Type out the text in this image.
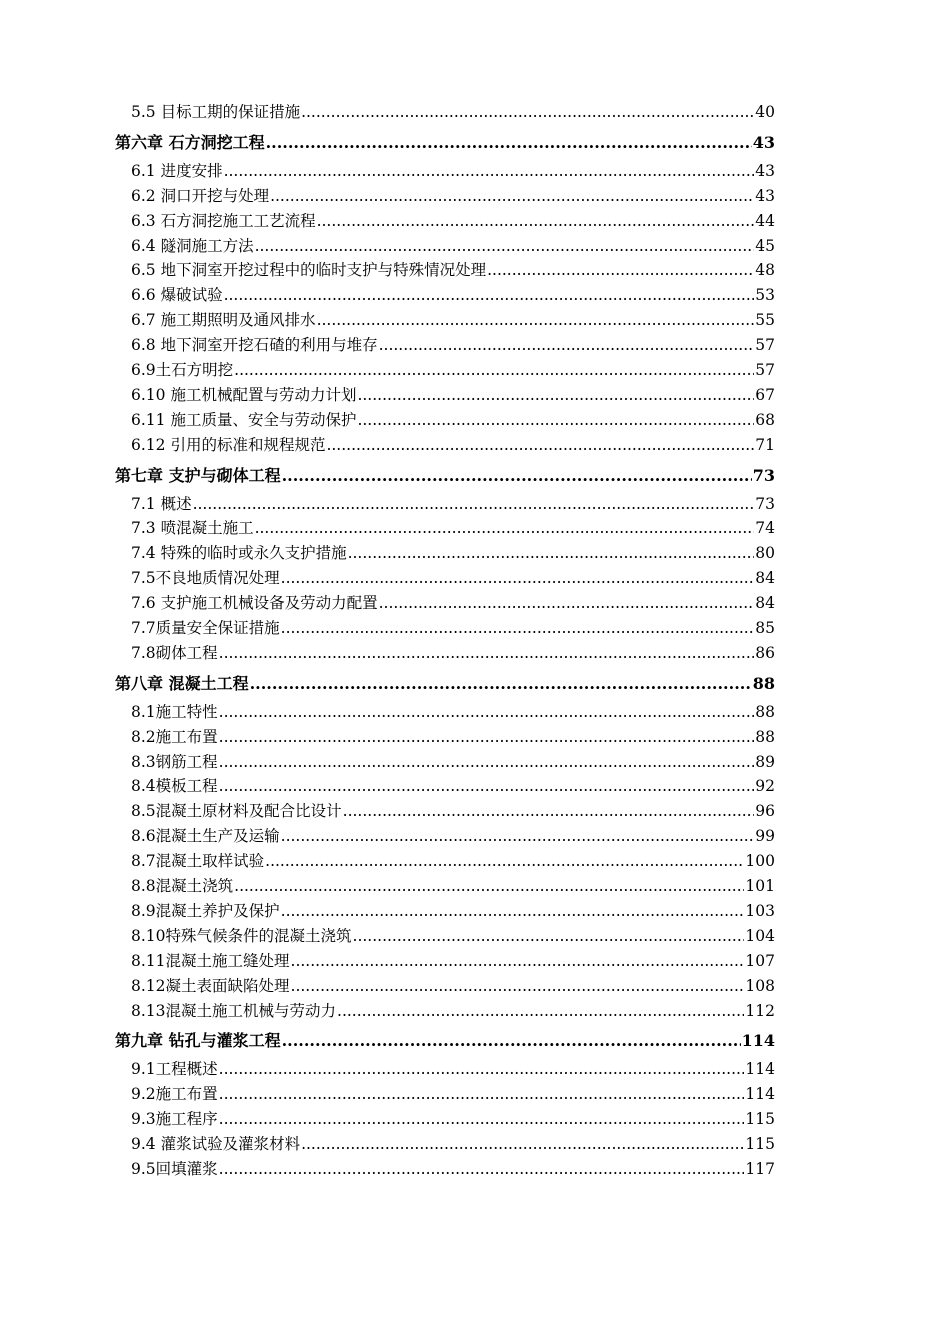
5.5 目标工期的保证措施 .....	40
第六章 石方洞挖工程 .....	43
6.1 进度安排 .....	43
6.2 洞口开挖与处理 .....	43
6.3 石方洞挖施工工艺流程 .....	44
6.4 隧洞施工方法 .....	45
6.5 地下洞室开挖过程中的临时支护与特殊情况处理 .....	48
6.6 爆破试验 .....	53
6.7 施工期照明及通风排水 .....	55
6.8 地下洞室开挖石碴的利用与堆存 .....	57
6.9土石方明挖 .....	57
6.10 施工机械配置与劳动力计划 .....	67
6.11 施工质量、安全与劳动保护 .....	68
6.12 引用的标准和规程规范 .....	71
第七章 支护与砌体工程 .....	73
7.1 概述 .....	73
7.3 喷混凝土施工 .....	74
7.4 特殊的临时或永久支护措施 .....	80
7.5不良地质情况处理 .....	84
7.6 支护施工机械设备及劳动力配置 .....	84
7.7质量安全保证措施 .....	85
7.8砌体工程 .....	86
第八章 混凝土工程 .....	88
8.1施工特性 .....	88
8.2施工布置 .....	88
8.3钢筋工程 .....	89
8.4模板工程 .....	92
8.5混凝土原材料及配合比设计 .....	96
8.6混凝土生产及运输 .....	99
8.7混凝土取样试验 .....	100
8.8混凝土浇筑 .....	101
8.9混凝土养护及保护 .....	103
8.10特殊气候条件的混凝土浇筑 .....	104
8.11混凝土施工缝处理 .....	107
8.12凝土表面缺陷处理 .....	108
8.13混凝土施工机械与劳动力 .....	112
第九章 钻孔与灌浆工程 .....	114
9.1工程概述 .....	114
9.2施工布置 .....	114
9.3施工程序 .....	115
9.4 灌浆试验及灌浆材料 .....	115
9.5回填灌浆 .....	117
